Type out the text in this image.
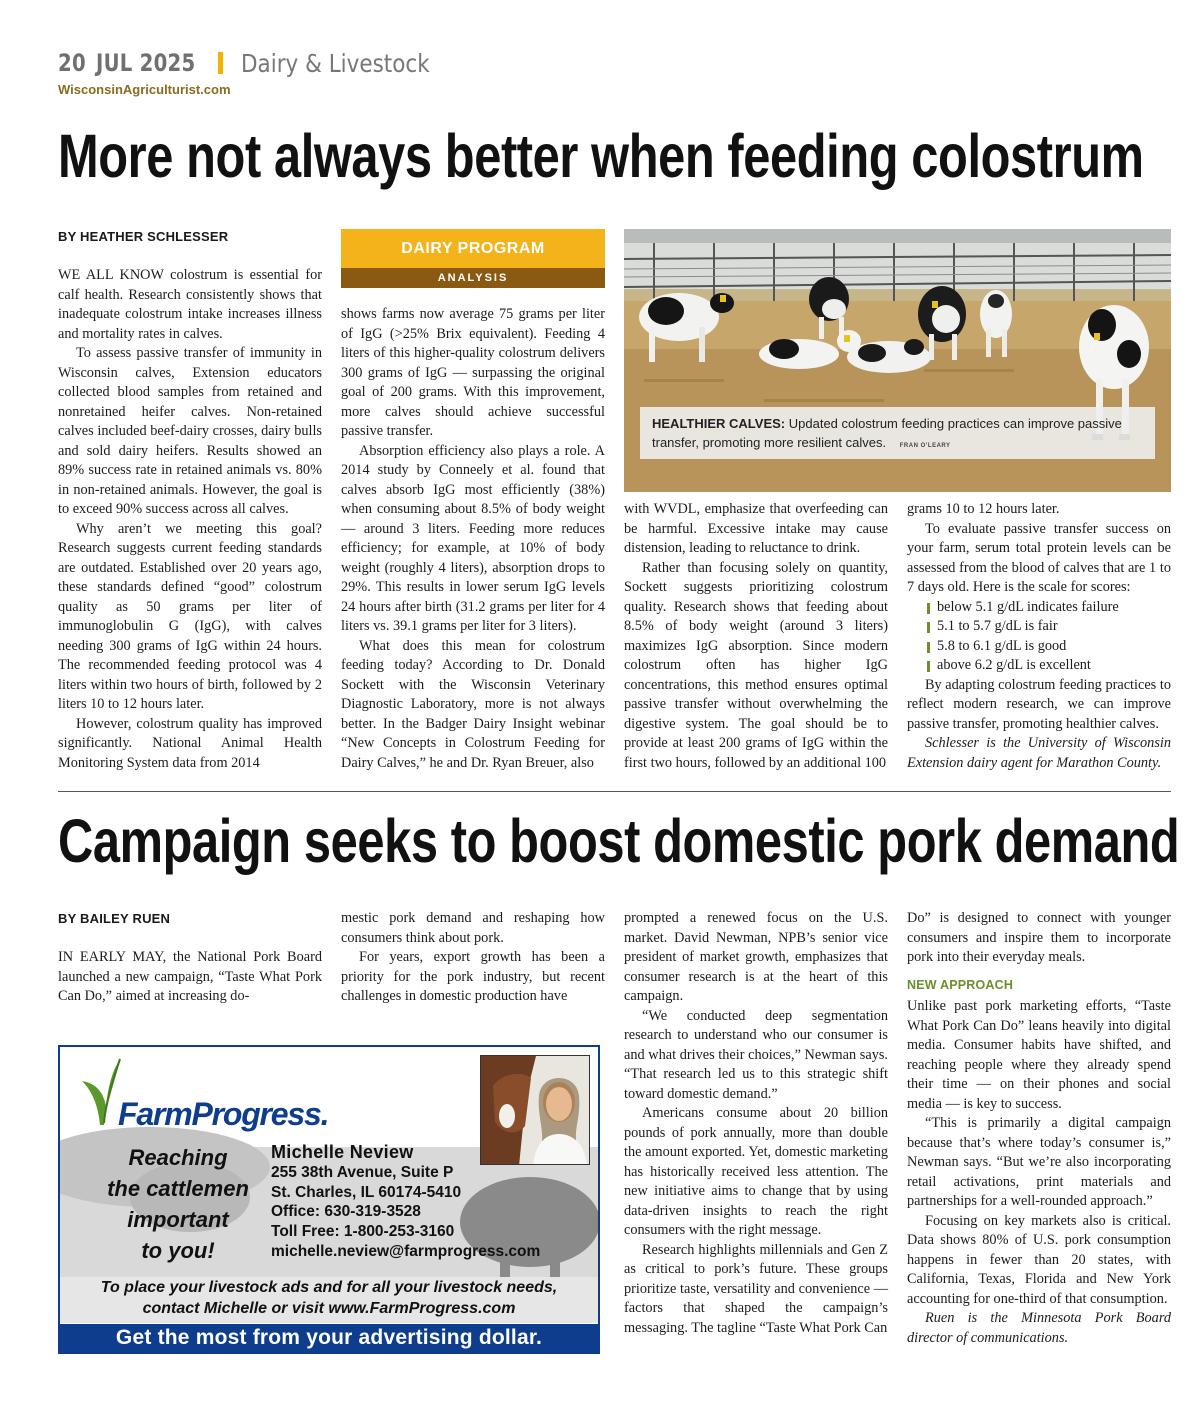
20 JUL 2025 Dairy & Livestock
WisconsinAgriculturist.com
More not always better when feeding colostrum
BY HEATHER SCHLESSER

WE ALL KNOW colostrum is essential for calf health. Research consistently shows that inadequate colostrum intake increases illness and mortality rates in calves.

To assess passive transfer of immunity in Wisconsin calves, Extension educators collected blood samples from retained and nonretained heifer calves. Non-retained calves included beef-dairy crosses, dairy bulls and sold dairy heifers. Results showed an 89% success rate in retained animals vs. 80% in non-retained animals. However, the goal is to exceed 90% success across all calves.

Why aren’t we meeting this goal? Research suggests current feeding standards are outdated. Established over 20 years ago, these standards defined “good” colostrum quality as 50 grams per liter of immunoglobulin G (IgG), with calves needing 300 grams of IgG within 24 hours. The recommended feeding protocol was 4 liters within two hours of birth, followed by 2 liters 10 to 12 hours later.

However, colostrum quality has improved significantly. National Animal Health Monitoring System data from 2014

DAIRY PROGRAM
ANALYSIS

shows farms now average 75 grams per liter of IgG (>25% Brix equivalent). Feeding 4 liters of this higher-quality colostrum delivers 300 grams of IgG — surpassing the original goal of 200 grams. With this improvement, more calves should achieve successful passive transfer.

Absorption efficiency also plays a role. A 2014 study by Conneely et al. found that calves absorb IgG most efficiently (38%) when consuming about 8.5% of body weight — around 3 liters. Feeding more reduces efficiency; for example, at 10% of body weight (roughly 4 liters), absorption drops to 29%. This results in lower serum IgG levels 24 hours after birth (31.2 grams per liter for 4 liters vs. 39.1 grams per liter for 3 liters).

What does this mean for colostrum feeding today? According to Dr. Donald Sockett with the Wisconsin Veterinary Diagnostic Laboratory, more is not always better. In the Badger Dairy Insight webinar “New Concepts in Colostrum Feeding for Dairy Calves,” he and Dr. Ryan Breuer, also

HEALTHIER CALVES: Updated colostrum feeding practices can improve passive transfer, promoting more resilient calves. FRAN O’LEARY

with WVDL, emphasize that overfeeding can be harmful. Excessive intake may cause distension, leading to reluctance to drink.

Rather than focusing solely on quantity, Sockett suggests prioritizing colostrum quality. Research shows that feeding about 8.5% of body weight (around 3 liters) maximizes IgG absorption. Since modern colostrum often has higher IgG concentrations, this method ensures optimal passive transfer without overwhelming the digestive system. The goal should be to provide at least 200 grams of IgG within the first two hours, followed by an additional 100

grams 10 to 12 hours later.

To evaluate passive transfer success on your farm, serum total protein levels can be assessed from the blood of calves that are 1 to 7 days old. Here is the scale for scores:

below 5.1 g/dL indicates failure
5.1 to 5.7 g/dL is fair
5.8 to 6.1 g/dL is good
above 6.2 g/dL is excellent

By adapting colostrum feeding practices to reflect modern research, we can improve passive transfer, promoting healthier calves.

Schlesser is the University of Wisconsin Extension dairy agent for Marathon County.

Campaign seeks to boost domestic pork demand
BY BAILEY RUEN

IN EARLY MAY, the National Pork Board launched a new campaign, “Taste What Pork Can Do,” aimed at increasing do-

mestic pork demand and reshaping how consumers think about pork.

For years, export growth has been a priority for the pork industry, but recent challenges in domestic production have

prompted a renewed focus on the U.S. market. David Newman, NPB’s senior vice president of market growth, emphasizes that consumer research is at the heart of this campaign.

“We conducted deep segmentation research to understand who our consumer is and what drives their choices,” Newman says. “That research led us to this strategic shift toward domestic demand.”

Americans consume about 20 billion pounds of pork annually, more than double the amount exported. Yet, domestic marketing has historically received less attention. The new initiative aims to change that by using data-driven insights to reach the right consumers with the right message.

Research highlights millennials and Gen Z as critical to pork’s future. These groups prioritize taste, versatility and convenience — factors that shaped the campaign’s messaging. The tagline “Taste What Pork Can

Do” is designed to connect with younger consumers and inspire them to incorporate pork into their everyday meals.

NEW APPROACH

Unlike past pork marketing efforts, “Taste What Pork Can Do” leans heavily into digital media. Consumer habits have shifted, and reaching people where they already spend their time — on their phones and social media — is key to success.

“This is primarily a digital campaign because that’s where today’s consumer is,” Newman says. “But we’re also incorporating retail activations, print materials and partnerships for a well-rounded approach.”

Focusing on key markets also is critical. Data shows 80% of U.S. pork consumption happens in fewer than 20 states, with California, Texas, Florida and New York accounting for one-third of that consumption.

Ruen is the Minnesota Pork Board director of communications.

FarmProgress.
Reaching
the cattlemen
important
to you!
Michelle Neview
255 38th Avenue, Suite P
St. Charles, IL 60174-5410
Office: 630-319-3528
Toll Free: 1-800-253-3160
michelle.neview@farmprogress.com
To place your livestock ads and for all your livestock needs,
contact Michelle or visit www.FarmProgress.com
Get the most from your advertising dollar.
